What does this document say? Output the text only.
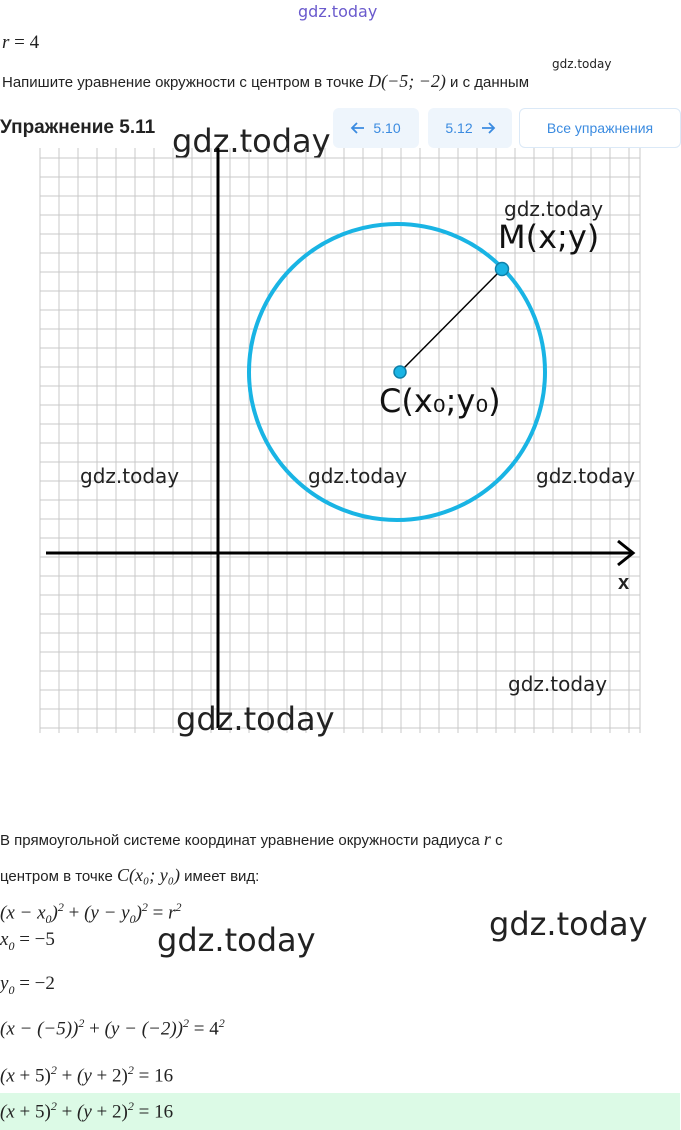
gdz.today
r = 4
Напишите уравнение окружности с центром в точке D(−5; −2) и с данным
gdz.today
Упражнение 5.11	5.10	5.12	Все упражнения
gdz.today
M(x;y)
C(x₀;y₀)
x
gdz.today
gdz.today	gdz.today	gdz.today
gdz.today
gdz.today
В прямоугольной системе координат уравнение окружности радиуса r с
центром в точке C(x₀; y₀) имеет вид:
$(x - x_0)^2 + (y - y_0)^2 = r^2$
$x_0 = -5$
$y_0 = -2$
$(x - (-5))^2 + (y - (-2))^2 = 4^2$
$(x + 5)^2 + (y + 2)^2 = 16$
$(x + 5)^2 + (y + 2)^2 = 16$
gdz.today	gdz.today
